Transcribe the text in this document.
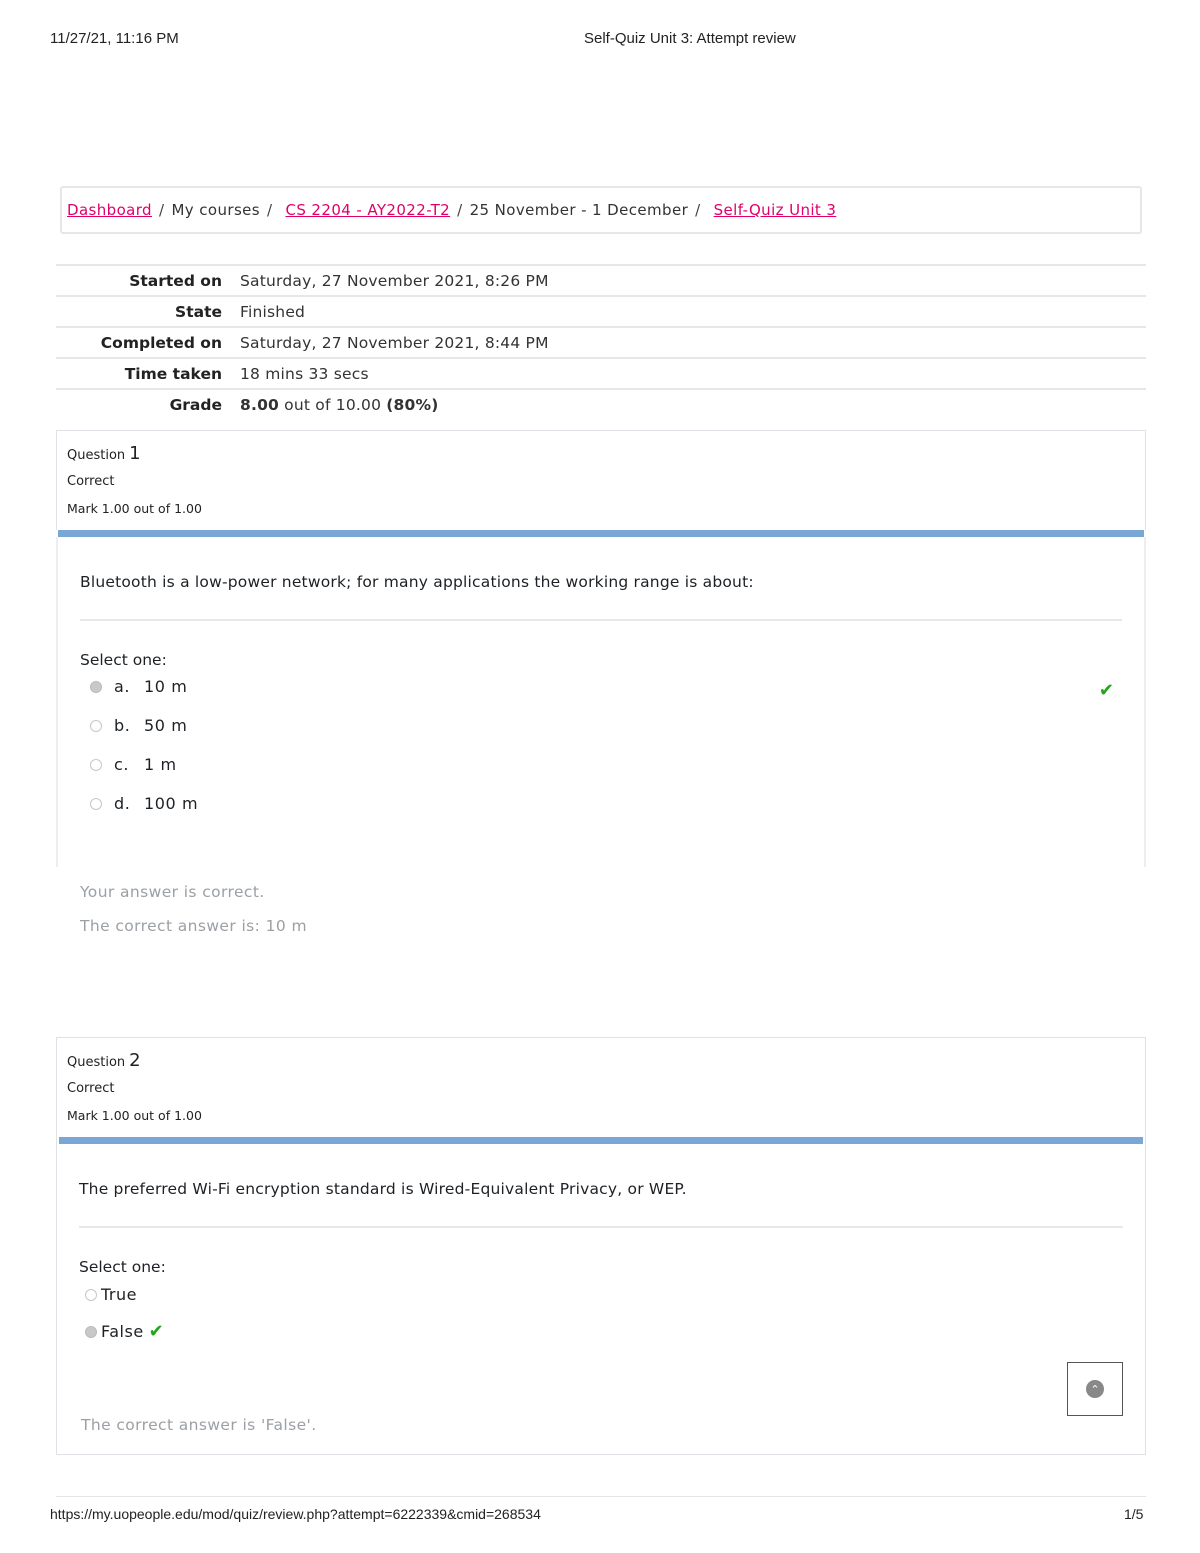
11/27/21, 11:16 PM	Self-Quiz Unit 3: Attempt review
Dashboard / My courses / CS 2204 - AY2022-T2 / 25 November - 1 December / Self-Quiz Unit 3
Started on	Saturday, 27 November 2021, 8:26 PM
State	Finished
Completed on	Saturday, 27 November 2021, 8:44 PM
Time taken	18 mins 33 secs
Grade	8.00 out of 10.00 (80%)
Question 1
Correct
Mark 1.00 out of 1.00
Bluetooth is a low-power network; for many applications the working range is about:
Select one:
a. 10 m
b. 50 m
c. 1 m
d. 100 m
✔
Your answer is correct.
The correct answer is: 10 m
Question 2
Correct
Mark 1.00 out of 1.00
The preferred Wi-Fi encryption standard is Wired-Equivalent Privacy, or WEP.
Select one:
True
False ✔
The correct answer is 'False'.
⌃
https://my.uopeople.edu/mod/quiz/review.php?attempt=6222339&cmid=268534	1/5
